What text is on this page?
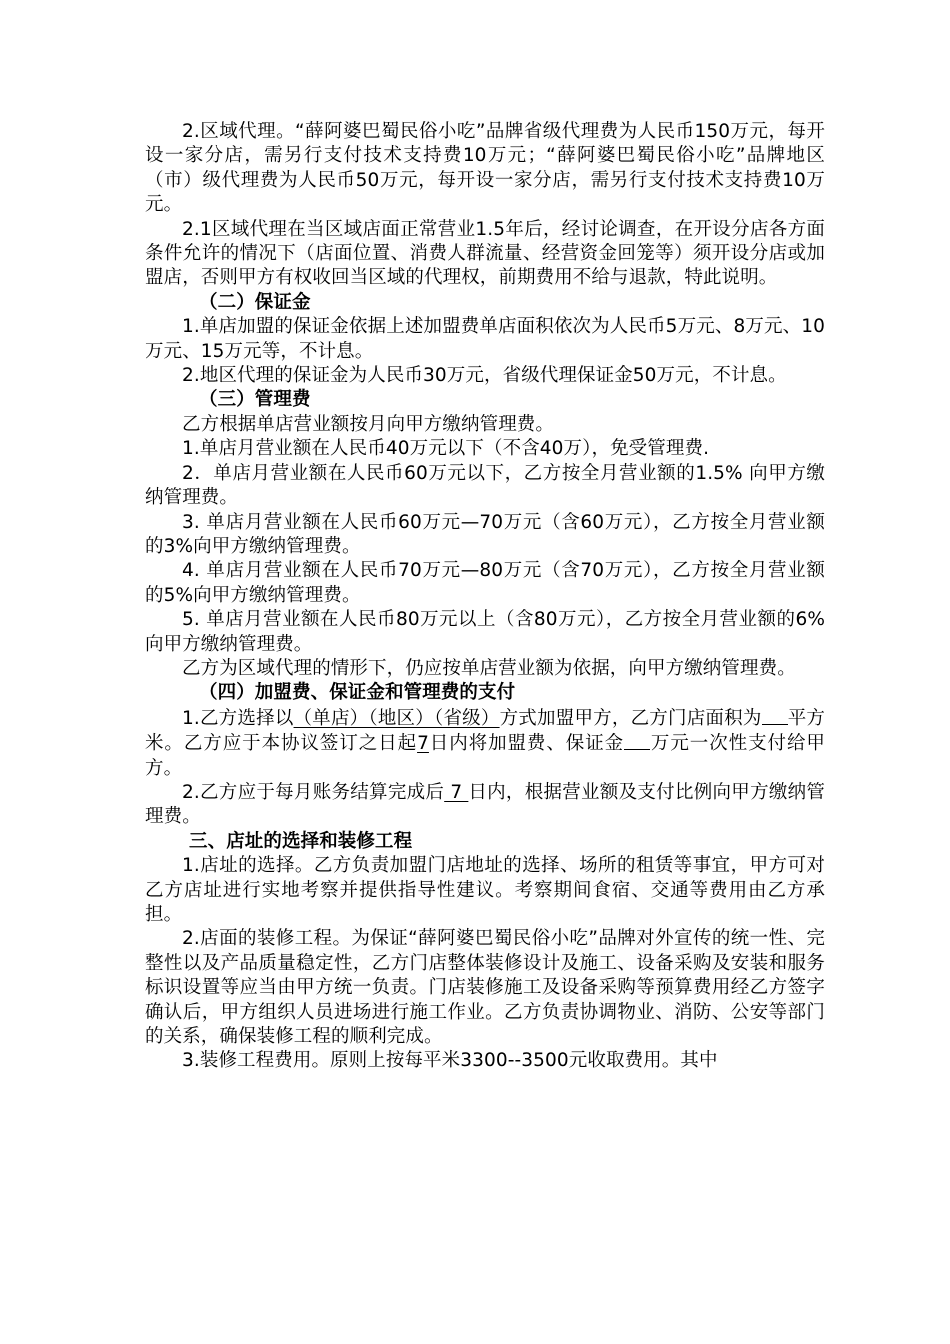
2.区域代理。“薛阿婆巴蜀民俗小吃”品牌省级代理费为人民币150万元，每开设一家分店，需另行支付技术支持费10万元；“薛阿婆巴蜀民俗小吃”品牌地区（市）级代理费为人民币50万元，每开设一家分店，需另行支付技术支持费10万元。

2.1区域代理在当区域店面正常营业1.5年后，经讨论调查，在开设分店各方面条件允许的情况下（店面位置、消费人群流量、经营资金回笼等）须开设分店或加盟店，否则甲方有权收回当区域的代理权，前期费用不给与退款，特此说明。

（二）保证金

1.单店加盟的保证金依据上述加盟费单店面积依次为人民币5万元、8万元、10万元、15万元等，不计息。

2.地区代理的保证金为人民币30万元，省级代理保证金50万元，不计息。

（三）管理费

乙方根据单店营业额按月向甲方缴纳管理费。

1.单店月营业额在人民币40万元以下（不含40万），免受管理费.

2．单店月营业额在人民币60万元以下，乙方按全月营业额的1.5% 向甲方缴纳管理费。

3. 单店月营业额在人民币60万元—70万元（含60万元），乙方按全月营业额的3%向甲方缴纳管理费。

4. 单店月营业额在人民币70万元—80万元（含70万元），乙方按全月营业额的5%向甲方缴纳管理费。

5. 单店月营业额在人民币80万元以上（含80万元），乙方按全月营业额的6%向甲方缴纳管理费。

乙方为区域代理的情形下，仍应按单店营业额为依据，向甲方缴纳管理费。

（四）加盟费、保证金和管理费的支付

1.乙方选择以（单店）（地区）（省级）方式加盟甲方，乙方门店面积为 平方米。乙方应于本协议签订之日起7日内将加盟费、保证金 万元一次性支付给甲方。

2.乙方应于每月账务结算完成后 7 日内，根据营业额及支付比例向甲方缴纳管理费。

三、店址的选择和装修工程

1.店址的选择。乙方负责加盟门店地址的选择、场所的租赁等事宜，甲方可对乙方店址进行实地考察并提供指导性建议。考察期间食宿、交通等费用由乙方承担。

2.店面的装修工程。为保证“薛阿婆巴蜀民俗小吃”品牌对外宣传的统一性、完整性以及产品质量稳定性，乙方门店整体装修设计及施工、设备采购及安装和服务标识设置等应当由甲方统一负责。门店装修施工及设备采购等预算费用经乙方签字确认后，甲方组织人员进场进行施工作业。乙方负责协调物业、消防、公安等部门的关系，确保装修工程的顺利完成。

3.装修工程费用。原则上按每平米3300--3500元收取费用。其中
